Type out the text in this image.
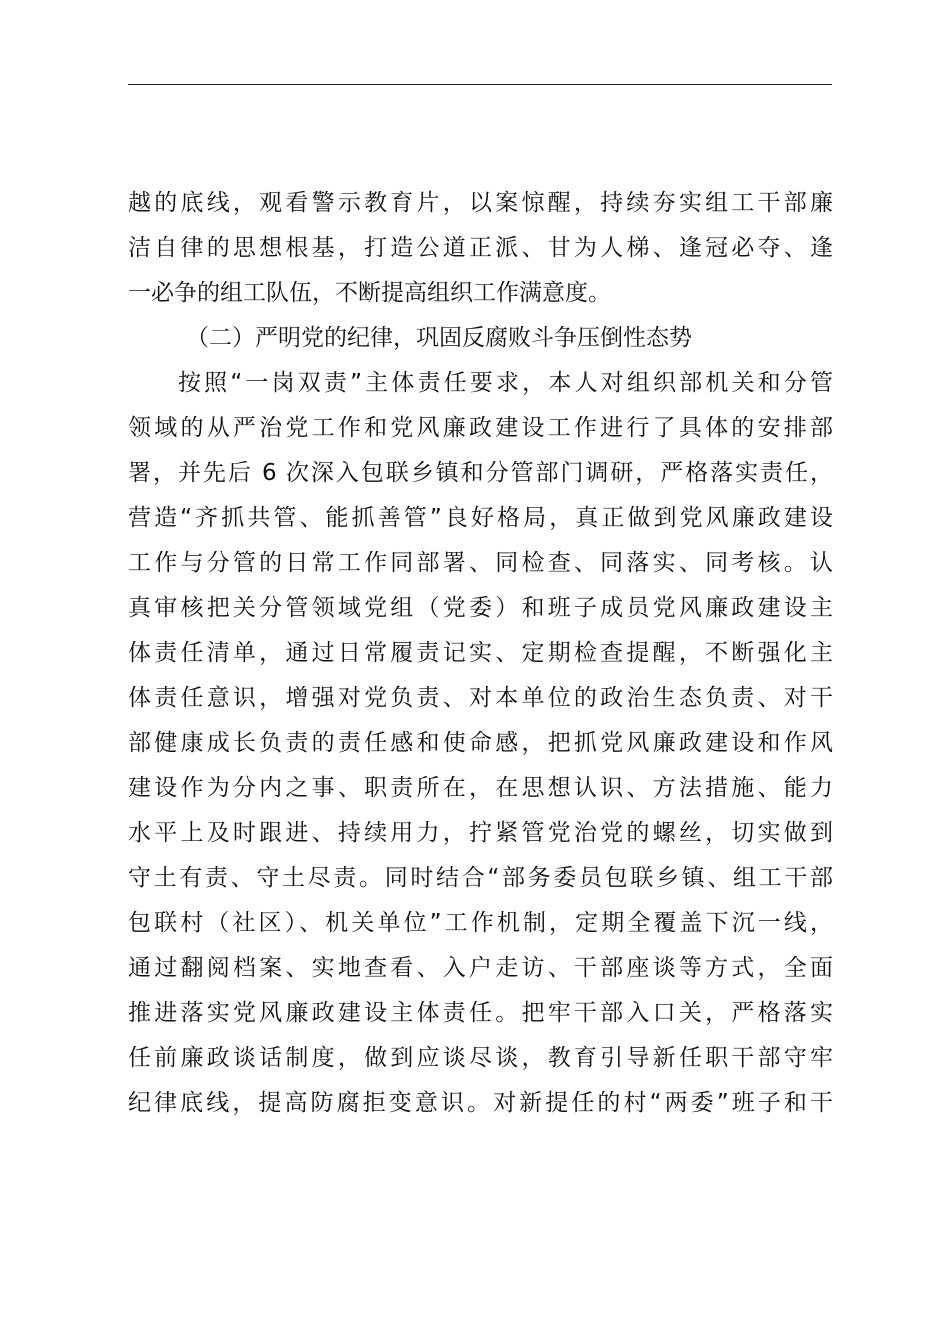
越的底线，观看警示教育片，以案惊醒，持续夯实组工干部廉
洁自律的思想根基，打造公道正派、甘为人梯、逢冠必夺、逢
一必争的组工队伍，不断提高组织工作满意度。
（二）严明党的纪律，巩固反腐败斗争压倒性态势
按照“一岗双责”主体责任要求，本人对组织部机关和分管
领域的从严治党工作和党风廉政建设工作进行了具体的安排部
署，并先后 6 次深入包联乡镇和分管部门调研，严格落实责任，
营造“齐抓共管、能抓善管”良好格局，真正做到党风廉政建设
工作与分管的日常工作同部署、同检查、同落实、同考核。认
真审核把关分管领域党组（党委）和班子成员党风廉政建设主
体责任清单，通过日常履责记实、定期检查提醒，不断强化主
体责任意识，增强对党负责、对本单位的政治生态负责、对干
部健康成长负责的责任感和使命感，把抓党风廉政建设和作风
建设作为分内之事、职责所在，在思想认识、方法措施、能力
水平上及时跟进、持续用力，拧紧管党治党的螺丝，切实做到
守土有责、守土尽责。同时结合“部务委员包联乡镇、组工干部
包联村（社区）、机关单位”工作机制，定期全覆盖下沉一线，
通过翻阅档案、实地查看、入户走访、干部座谈等方式，全面
推进落实党风廉政建设主体责任。把牢干部入口关，严格落实
任前廉政谈话制度，做到应谈尽谈，教育引导新任职干部守牢
纪律底线，提高防腐拒变意识。对新提任的村“两委”班子和干
